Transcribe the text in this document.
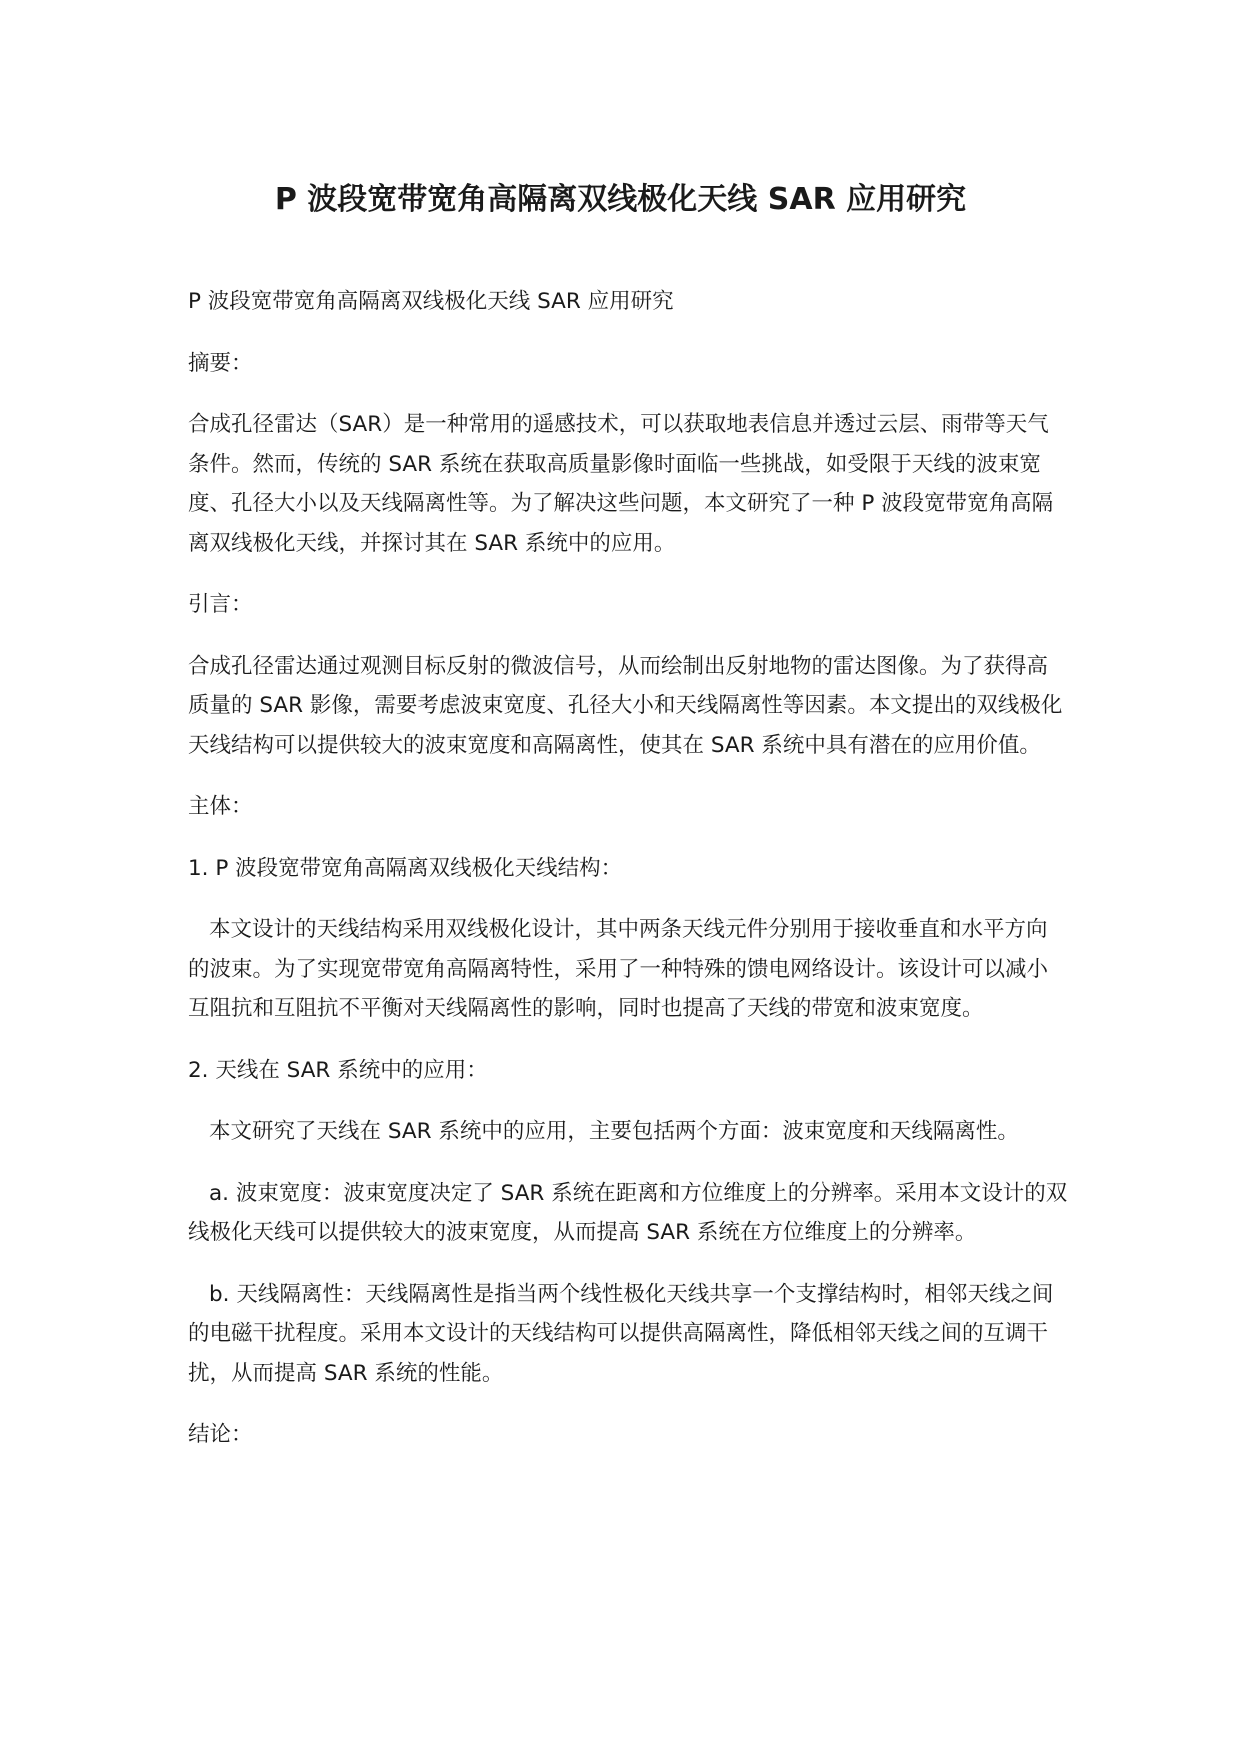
P 波段宽带宽角高隔离双线极化天线 SAR 应用研究

P 波段宽带宽角高隔离双线极化天线 SAR 应用研究

摘要：

合成孔径雷达（SAR）是一种常用的遥感技术，可以获取地表信息并透过云层、雨带等天气条件。然而，传统的 SAR 系统在获取高质量影像时面临一些挑战，如受限于天线的波束宽度、孔径大小以及天线隔离性等。为了解决这些问题，本文研究了一种 P 波段宽带宽角高隔离双线极化天线，并探讨其在 SAR 系统中的应用。

引言：

合成孔径雷达通过观测目标反射的微波信号，从而绘制出反射地物的雷达图像。为了获得高质量的 SAR 影像，需要考虑波束宽度、孔径大小和天线隔离性等因素。本文提出的双线极化天线结构可以提供较大的波束宽度和高隔离性，使其在 SAR 系统中具有潜在的应用价值。

主体：

1. P 波段宽带宽角高隔离双线极化天线结构：

本文设计的天线结构采用双线极化设计，其中两条天线元件分别用于接收垂直和水平方向的波束。为了实现宽带宽角高隔离特性，采用了一种特殊的馈电网络设计。该设计可以减小互阻抗和互阻抗不平衡对天线隔离性的影响，同时也提高了天线的带宽和波束宽度。

2. 天线在 SAR 系统中的应用：

本文研究了天线在 SAR 系统中的应用，主要包括两个方面：波束宽度和天线隔离性。

a. 波束宽度：波束宽度决定了 SAR 系统在距离和方位维度上的分辨率。采用本文设计的双线极化天线可以提供较大的波束宽度，从而提高 SAR 系统在方位维度上的分辨率。

b. 天线隔离性：天线隔离性是指当两个线性极化天线共享一个支撑结构时，相邻天线之间的电磁干扰程度。采用本文设计的天线结构可以提供高隔离性，降低相邻天线之间的互调干扰，从而提高 SAR 系统的性能。

结论：
